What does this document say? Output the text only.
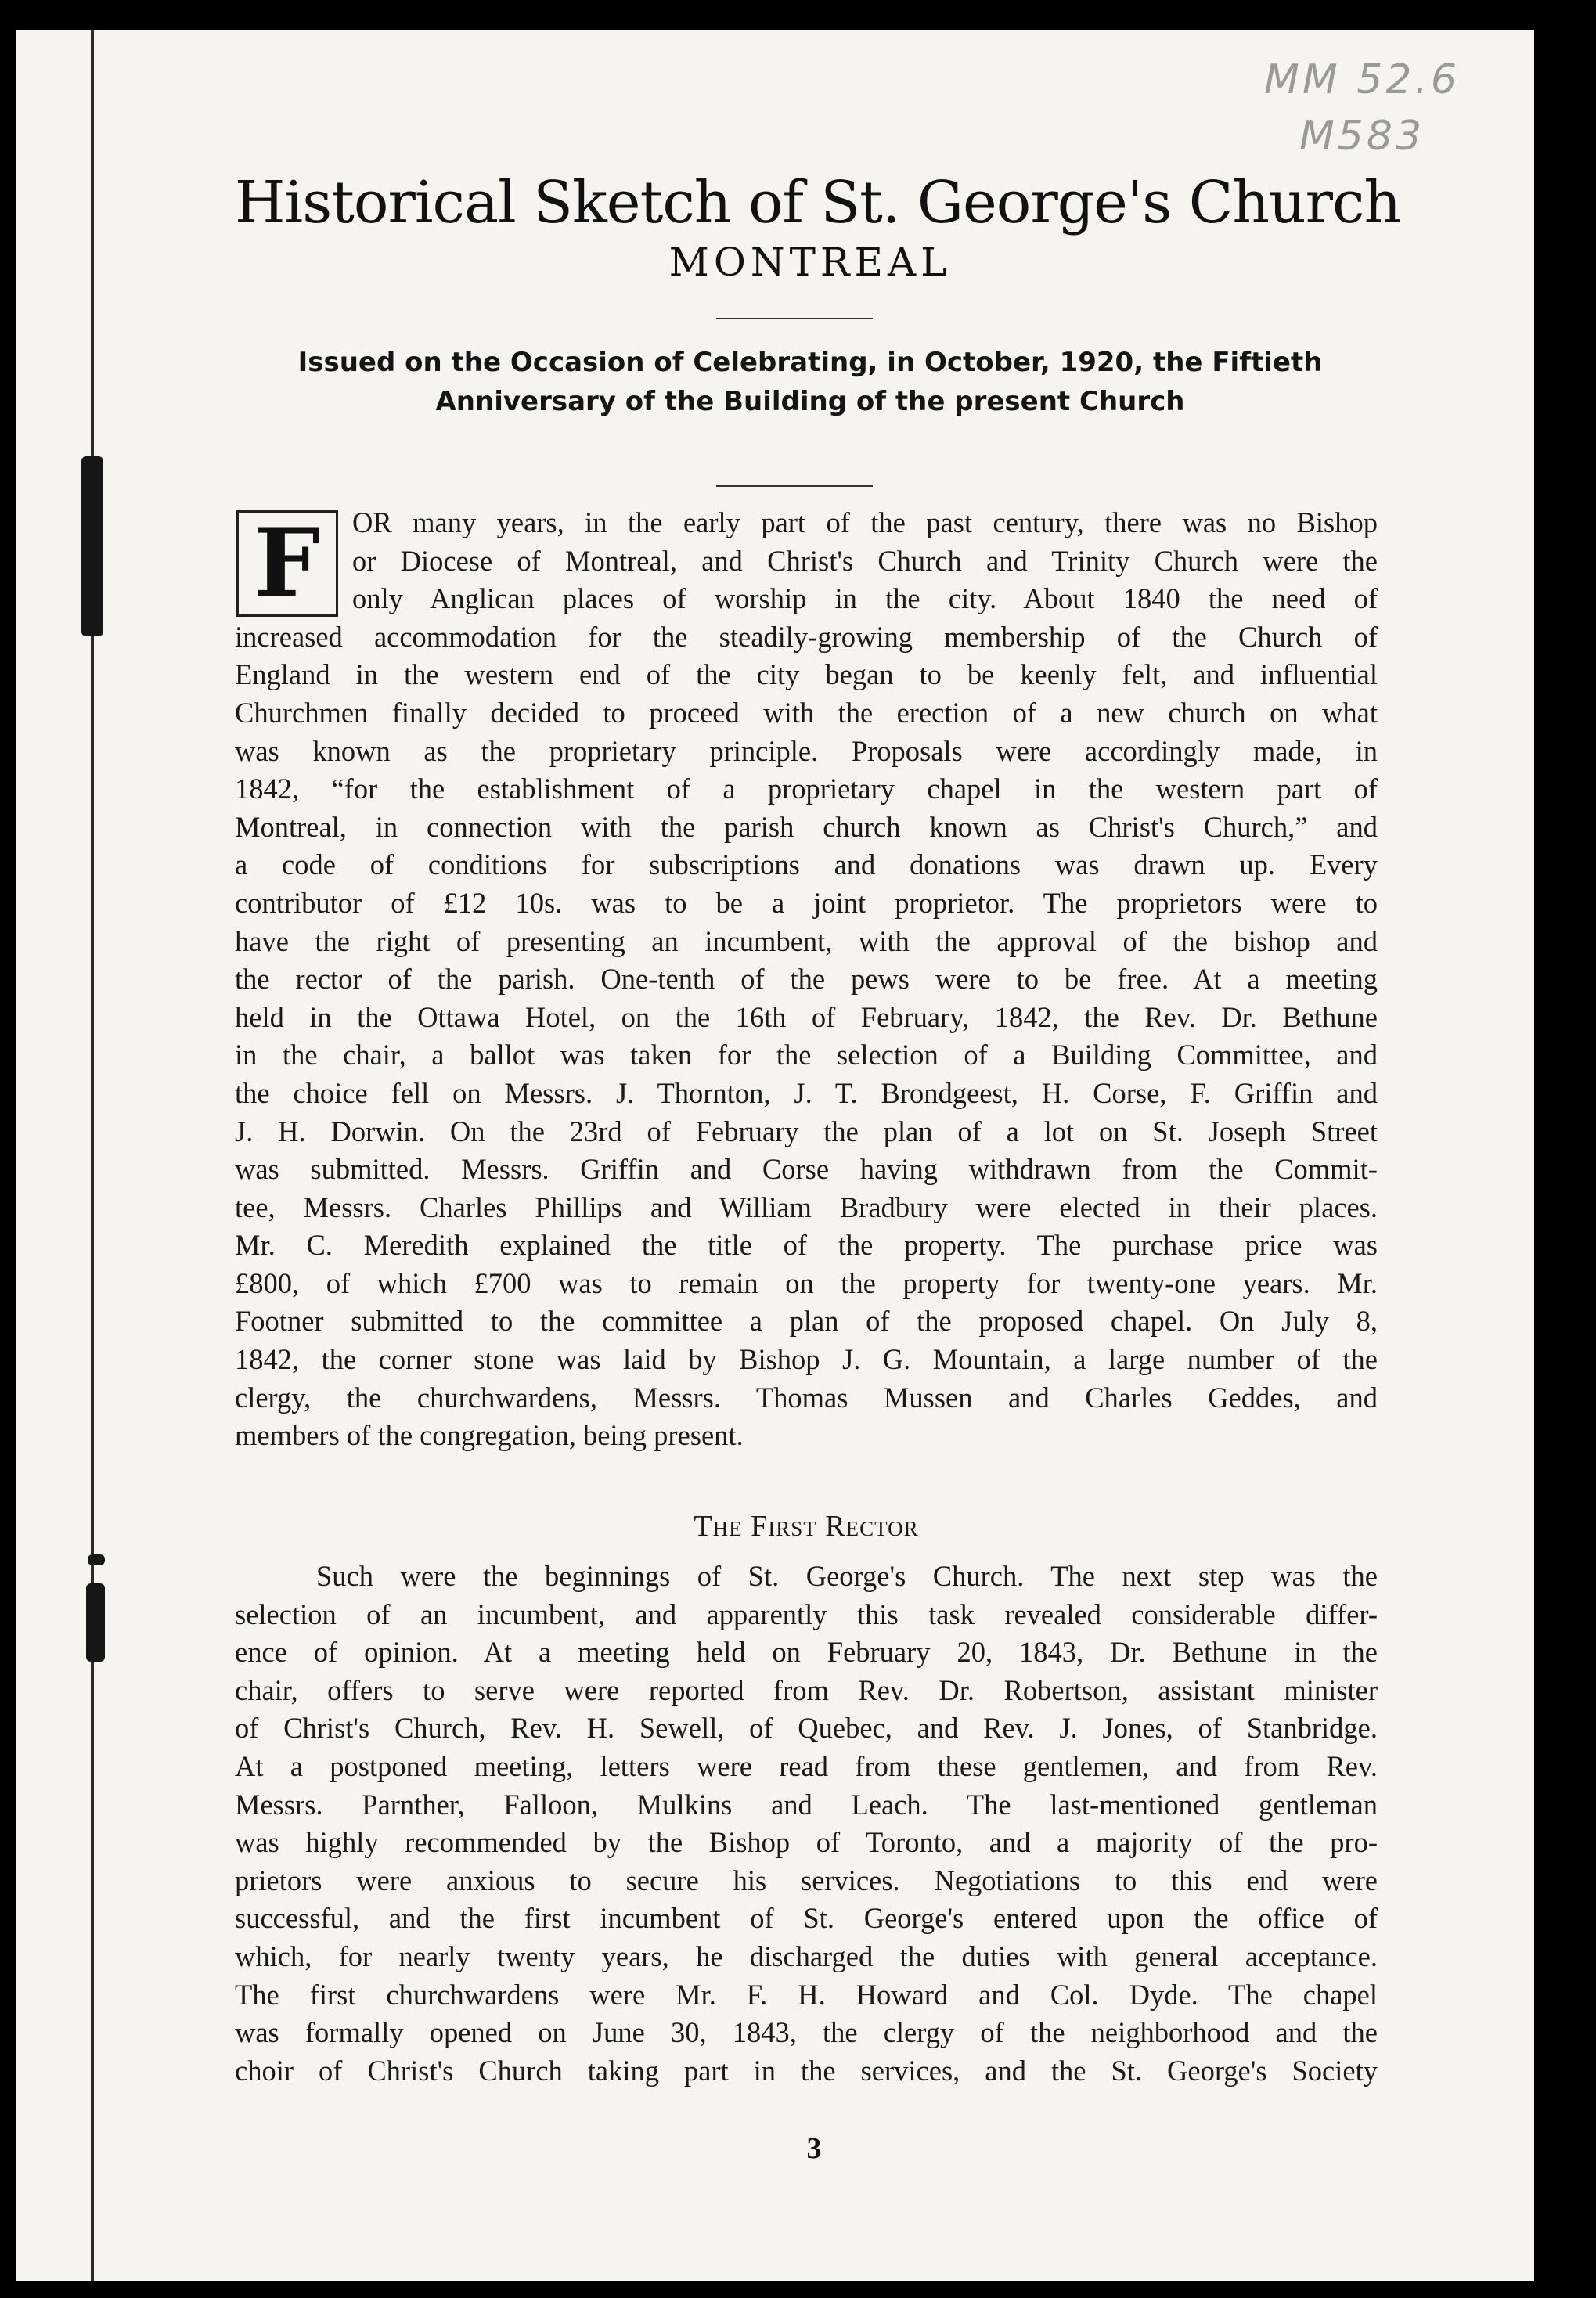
MM 52.6
M583
Historical Sketch of St. George's Church
MONTREAL
Issued on the Occasion of Celebrating, in October, 1920, the Fiftieth
Anniversary of the Building of the present Church
OR many years, in the early part of the past century, there was no Bishop
or Diocese of Montreal, and Christ's Church and Trinity Church were the
only Anglican places of worship in the city. About 1840 the need of
increased accommodation for the steadily-growing membership of the Church of
England in the western end of the city began to be keenly felt, and influential
Churchmen finally decided to proceed with the erection of a new church on what
was known as the proprietary principle. Proposals were accordingly made, in
1842, “for the establishment of a proprietary chapel in the western part of
Montreal, in connection with the parish church known as Christ's Church,” and
a code of conditions for subscriptions and donations was drawn up. Every
contributor of £12 10s. was to be a joint proprietor. The proprietors were to
have the right of presenting an incumbent, with the approval of the bishop and
the rector of the parish. One-tenth of the pews were to be free. At a meeting
held in the Ottawa Hotel, on the 16th of February, 1842, the Rev. Dr. Bethune
in the chair, a ballot was taken for the selection of a Building Committee, and
the choice fell on Messrs. J. Thornton, J. T. Brondgeest, H. Corse, F. Griffin and
J. H. Dorwin. On the 23rd of February the plan of a lot on St. Joseph Street
was submitted. Messrs. Griffin and Corse having withdrawn from the Commit-
tee, Messrs. Charles Phillips and William Bradbury were elected in their places.
Mr. C. Meredith explained the title of the property. The purchase price was
£800, of which £700 was to remain on the property for twenty-one years. Mr.
Footner submitted to the committee a plan of the proposed chapel. On July 8,
1842, the corner stone was laid by Bishop J. G. Mountain, a large number of the
clergy, the churchwardens, Messrs. Thomas Mussen and Charles Geddes, and
members of the congregation, being present.
F
The First Rector
Such were the beginnings of St. George's Church. The next step was the
selection of an incumbent, and apparently this task revealed considerable differ-
ence of opinion. At a meeting held on February 20, 1843, Dr. Bethune in the
chair, offers to serve were reported from Rev. Dr. Robertson, assistant minister
of Christ's Church, Rev. H. Sewell, of Quebec, and Rev. J. Jones, of Stanbridge.
At a postponed meeting, letters were read from these gentlemen, and from Rev.
Messrs. Parnther, Falloon, Mulkins and Leach. The last-mentioned gentleman
was highly recommended by the Bishop of Toronto, and a majority of the pro-
prietors were anxious to secure his services. Negotiations to this end were
successful, and the first incumbent of St. George's entered upon the office of
which, for nearly twenty years, he discharged the duties with general acceptance.
The first churchwardens were Mr. F. H. Howard and Col. Dyde. The chapel
was formally opened on June 30, 1843, the clergy of the neighborhood and the
choir of Christ's Church taking part in the services, and the St. George's Society
3
